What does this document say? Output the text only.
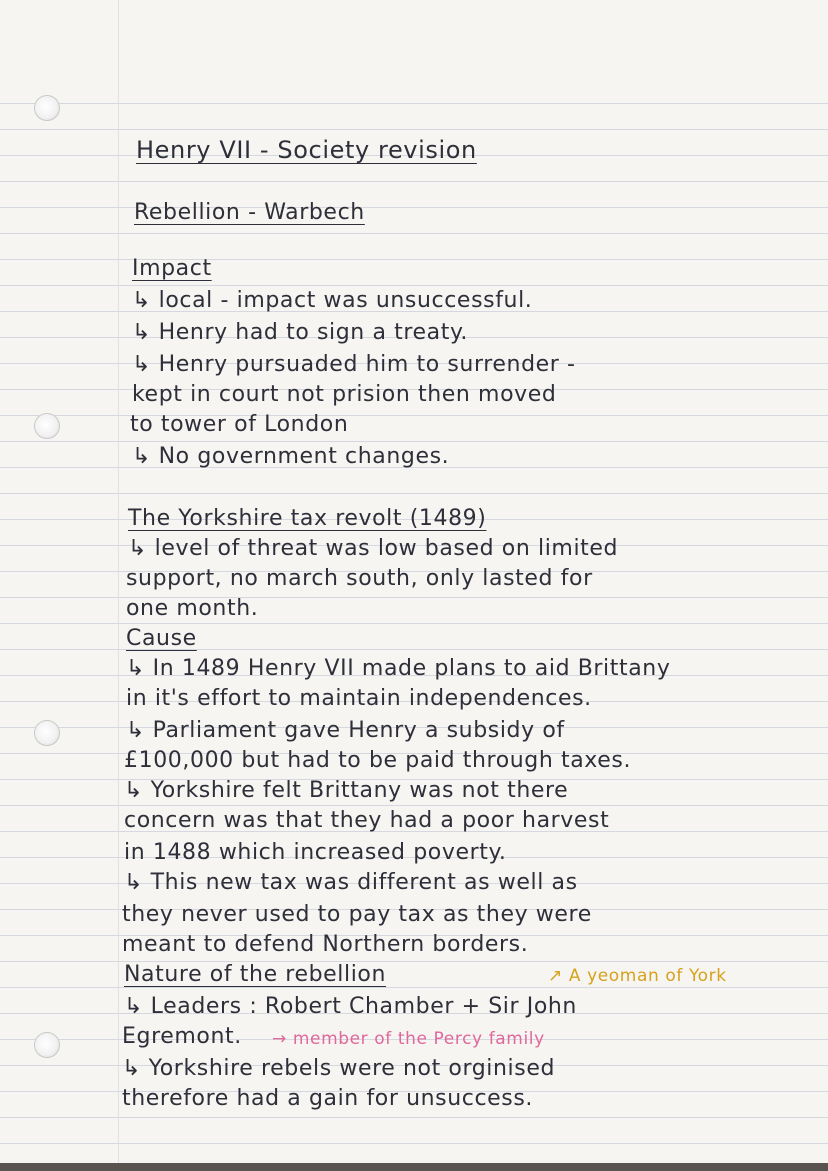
Henry VII - Society revision
Rebellion - Warbech
Impact
↳ local - impact was unsuccessful.
↳ Henry had to sign a treaty.
↳ Henry pursuaded him to surrender -
kept in court not prision then moved
to tower of London
↳ No government changes.
The Yorkshire tax revolt (1489)
↳ level of threat was low based on limited
support, no march south, only lasted for
one month.
Cause
↳ In 1489 Henry VII made plans to aid Brittany
in it's effort to maintain independences.
↳ Parliament gave Henry a subsidy of
£100,000 but had to be paid through taxes.
↳ Yorkshire felt Brittany was not there
concern was that they had a poor harvest
in 1488 which increased poverty.
↳ This new tax was different as well as
they never used to pay tax as they were
meant to defend Northern borders.
Nature of the rebellion	↗ A yeoman of York
↳ Leaders : Robert Chamber + Sir John
Egremont. → member of the Percy family
↳ Yorkshire rebels were not orginised
therefore had a gain for unsuccess.
